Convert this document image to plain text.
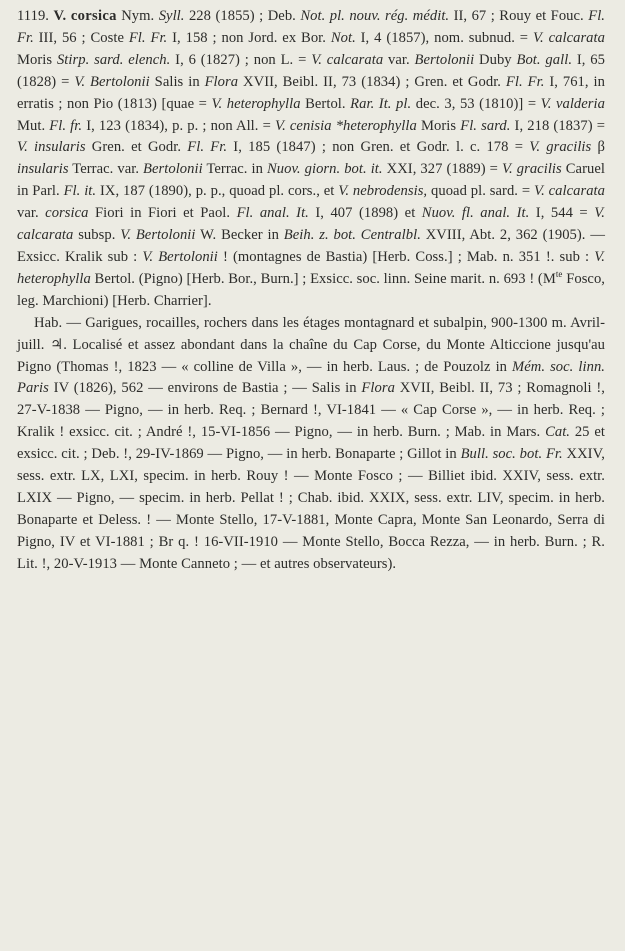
1119. V. corsica Nym. Syll. 228 (1855) ; Deb. Not. pl. nouv. rég. médit. II, 67 ; Rouy et Fouc. Fl. Fr. III, 56 ; Coste Fl. Fr. I, 158 ; non Jord. ex Bor. Not. I, 4 (1857), nom. subnud. = V. calcarata Moris Stirp. sard. elench. I, 6 (1827) ; non L. = V. calcarata var. Bertolonii Duby Bot. gall. I, 65 (1828) = V. Bertolonii Salis in Flora XVII, Beibl. II, 73 (1834) ; Gren. et Godr. Fl. Fr. I, 761, in erratis ; non Pio (1813) [quae = V. heterophylla Bertol. Rar. It. pl. dec. 3, 53 (1810)] = V. valderia Mut. Fl. fr. I, 123 (1834), p. p. ; non All. = V. cenisia *heterophylla Moris Fl. sard. I, 218 (1837) = V. insularis Gren. et Godr. Fl. Fr. I, 185 (1847) ; non Gren. et Godr. l. c. 178 = V. gracilis β insularis Terrac. var. Bertolonii Terrac. in Nuov. giorn. bot. it. XXI, 327 (1889) = V. gracilis Caruel in Parl. Fl. it. IX, 187 (1890), p. p., quoad pl. cors., et V. nebrodensis, quoad pl. sard. = V. calcarata var. corsica Fiori in Fiori et Paol. Fl. anal. It. I, 407 (1898) et Nuov. fl. anal. It. I, 544 = V. calcarata subsp. V. Bertolonii W. Becker in Beih. z. bot. Centralbl. XVIII, Abt. 2, 362 (1905). — Exsicc. Kralik sub : V. Bertolonii ! (montagnes de Bastia) [Herb. Coss.] ; Mab. n. 351 !. sub : V. heterophylla Bertol. (Pigno) [Herb. Bor., Burn.] ; Exsicc. soc. linn. Seine marit. n. 693 ! ($M^{te}$ Fosco, leg. Marchioni) [Herb. Charrier].

Hab. — Garigues, rocailles, rochers dans les étages montagnard et subalpin, 900-1300 m. Avril-juill. ♃. Localisé et assez abondant dans la chaîne du Cap Corse, du Monte Alticcione jusqu'au Pigno (Thomas !, 1823 — « colline de Villa », — in herb. Laus. ; de Pouzolz in Mém. soc. linn. Paris IV (1826), 562 — environs de Bastia ; — Salis in Flora XVII, Beibl. II, 73 ; Romagnoli !, 27-V-1838 — Pigno, — in herb. Req. ; Bernard !, VI-1841 — « Cap Corse », — in herb. Req. ; Kralik ! exsicc. cit. ; André !, 15-VI-1856 — Pigno, — in herb. Burn. ; Mab. in Mars. Cat. 25 et exsicc. cit. ; Deb. !, 29-IV-1869 — Pigno, — in herb. Bonaparte ; Gillot in Bull. soc. bot. Fr. XXIV, sess. extr. LX, LXI, specim. in herb. Rouy ! — Monte Fosco ; — Billiet ibid. XXIV, sess. extr. LXIX — Pigno, — specim. in herb. Pellat ! ; Chab. ibid. XXIX, sess. extr. LIV, specim. in herb. Bonaparte et Deless. ! — Monte Stello, 17-V-1881, Monte Capra, Monte San Leonardo, Serra di Pigno, IV et VI-1881 ; Br q. ! 16-VII-1910 — Monte Stello, Bocca Rezza, — in herb. Burn. ; R. Lit. !, 20-V-1913 — Monte Canneto ; — et autres observateurs).
